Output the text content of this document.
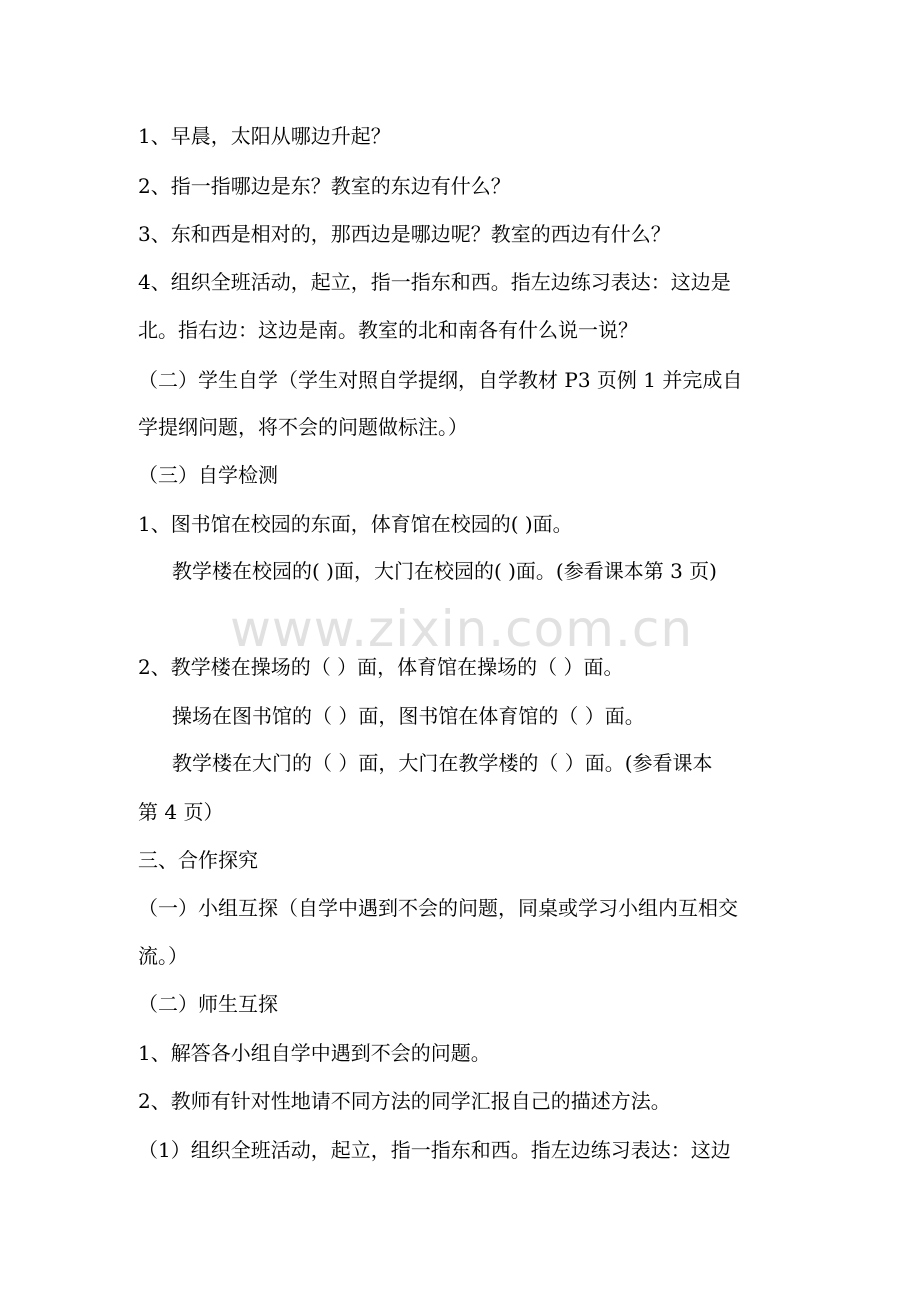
www.zixin.com.cn
1、早晨，太阳从哪边升起？
2、指一指哪边是东？教室的东边有什么？
3、东和西是相对的，那西边是哪边呢？教室的西边有什么？
4、组织全班活动，起立，指一指东和西。指左边练习表达：这边是
北。指右边：这边是南。教室的北和南各有什么说一说？
（二）学生自学（学生对照自学提纲，自学教材 P3 页例 1 并完成自
学提纲问题，将不会的问题做标注。）
（三）自学检测
1、图书馆在校园的东面，体育馆在校园的( )面。
教学楼在校园的( )面，大门在校园的( )面。(参看课本第 3 页)
2、教学楼在操场的（ ）面，体育馆在操场的（ ）面。
操场在图书馆的（ ）面，图书馆在体育馆的（ ）面。
教学楼在大门的（ ）面，大门在教学楼的（ ）面。(参看课本
第 4 页）
三、合作探究
（一）小组互探（自学中遇到不会的问题，同桌或学习小组内互相交
流。）
（二）师生互探
1、解答各小组自学中遇到不会的问题。
2、教师有针对性地请不同方法的同学汇报自己的描述方法。
（1）组织全班活动，起立，指一指东和西。指左边练习表达：这边
